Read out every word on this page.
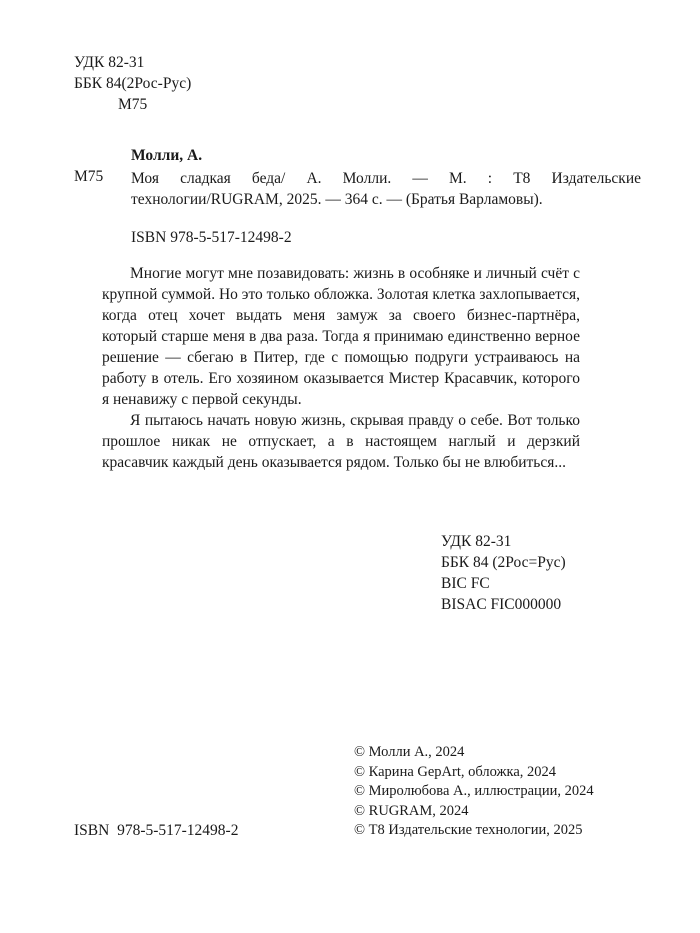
УДК 82-31
ББК 84(2Рос-Рус)
М75
Молли, А.
М75 Моя сладкая беда/ А. Молли. — М. : Т8 Издательские технологии/RUGRAM, 2025. — 364 с. — (Братья Варламовы).
ISBN 978-5-517-12498-2

Многие могут мне позавидовать: жизнь в особняке и личный счёт с крупной суммой. Но это только обложка. Золотая клетка захлопывается, когда отец хочет выдать меня замуж за своего бизнес-партнёра, который старше меня в два раза. Тогда я принимаю единственно верное решение — сбегаю в Питер, где с помощью подруги устраиваюсь на работу в отель. Его хозяином оказывается Мистер Красавчик, которого я ненавижу с первой секунды.

Я пытаюсь начать новую жизнь, скрывая правду о себе. Вот только прошлое никак не отпускает, а в настоящем наглый и дерзкий красавчик каждый день оказывается рядом. Только бы не влюбиться...

УДК 82-31
ББК 84 (2Рос=Рус)
BIC FC
BISAC FIC000000
© Молли А., 2024
© Карина GepArt, обложка, 2024
© Миролюбова А., иллюстрации, 2024
© RUGRAM, 2024
© Т8 Издательские технологии, 2025
ISBN  978-5-517-12498-2
